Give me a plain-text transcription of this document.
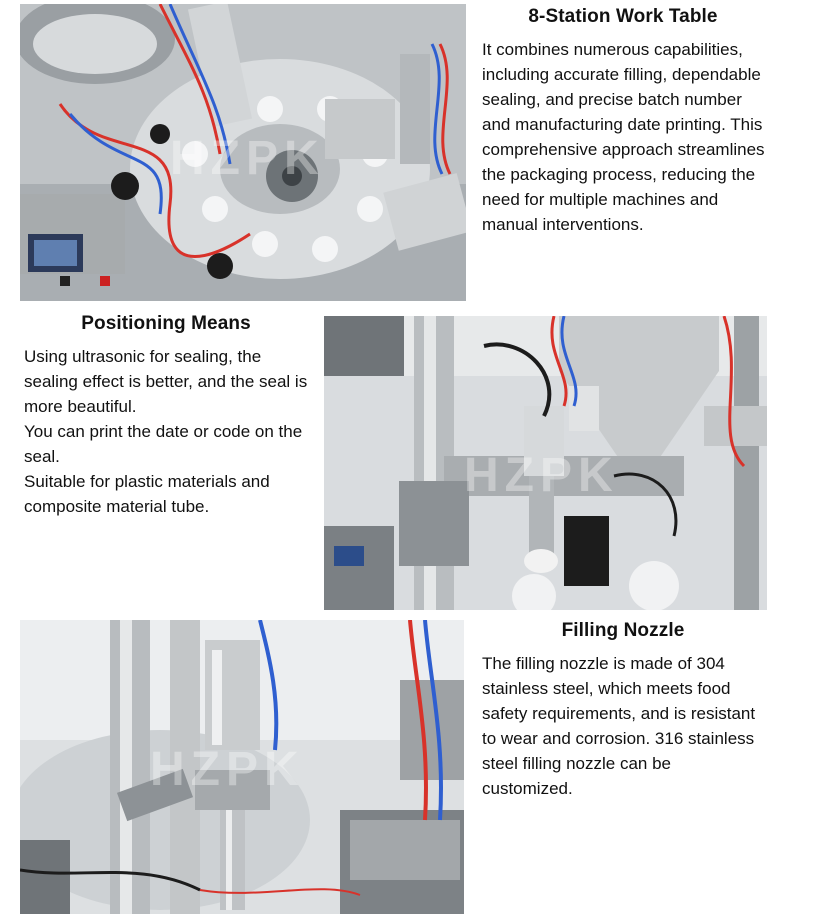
HZPK
8-Station Work Table

It combines numerous capabilities, including accurate filling, dependable sealing, and precise batch number and manufacturing date printing. This comprehensive approach streamlines the packaging process, reducing the need for multiple machines and manual interventions.

Positioning Means

Using ultrasonic for sealing, the sealing effect is better, and the seal is more beautiful.

You can print the date or code on the seal.

Suitable for plastic materials and composite material tube.

HZPK
HZPK
Filling Nozzle

The filling nozzle is made of 304 stainless steel, which meets food safety requirements, and is resistant to wear and corrosion. 316 stainless steel filling nozzle can be customized.
